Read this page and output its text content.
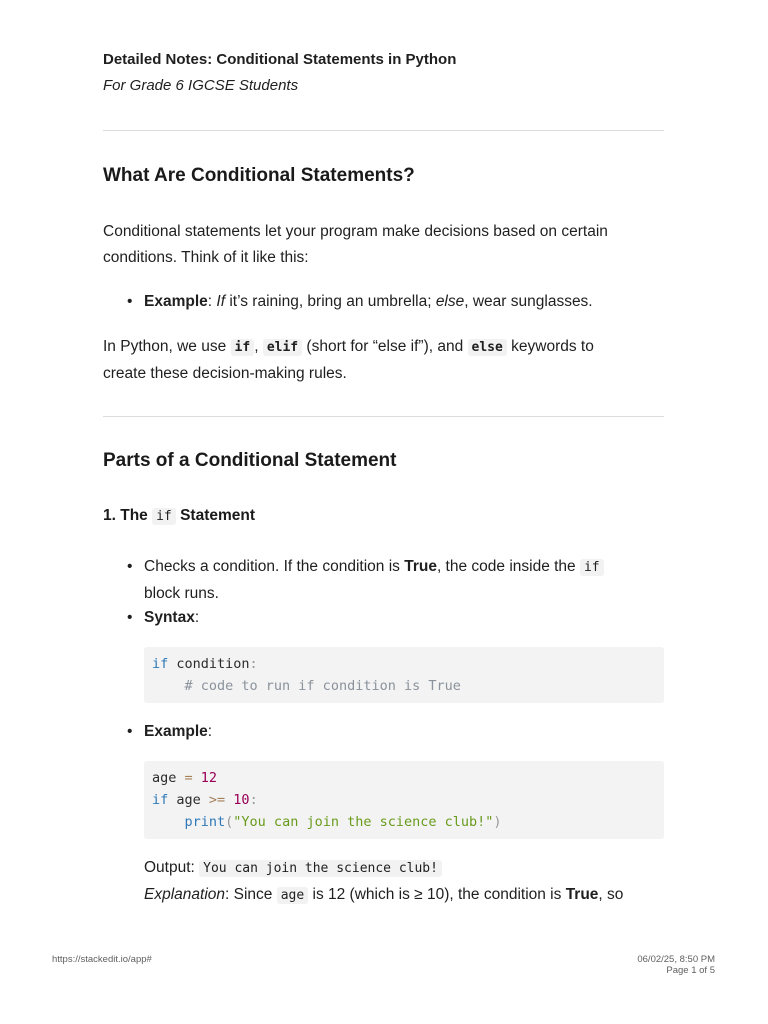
Detailed Notes: Conditional Statements in Python

For Grade 6 IGCSE Students

What Are Conditional Statements?

Conditional statements let your program make decisions based on certain
conditions. Think of it like this:

• Example: If it’s raining, bring an umbrella; else, wear sunglasses.

In Python, we use if , elif (short for “else if”), and else keywords to
create these decision-making rules.

Parts of a Conditional Statement
1. The if Statement
• Checks a condition. If the condition is True, the code inside the if
block runs.

• Syntax:

if condition:
# code to run if condition is True
• Example:

age = 12
if age >= 10:
print("You can join the science club!")

Output: You can join the science club!
Explanation: Since age is 12 (which is ≥ 10), the condition is True, so

https://stackedit.io/app#	06/02/25, 8:50 PM

Page 1 of 5
